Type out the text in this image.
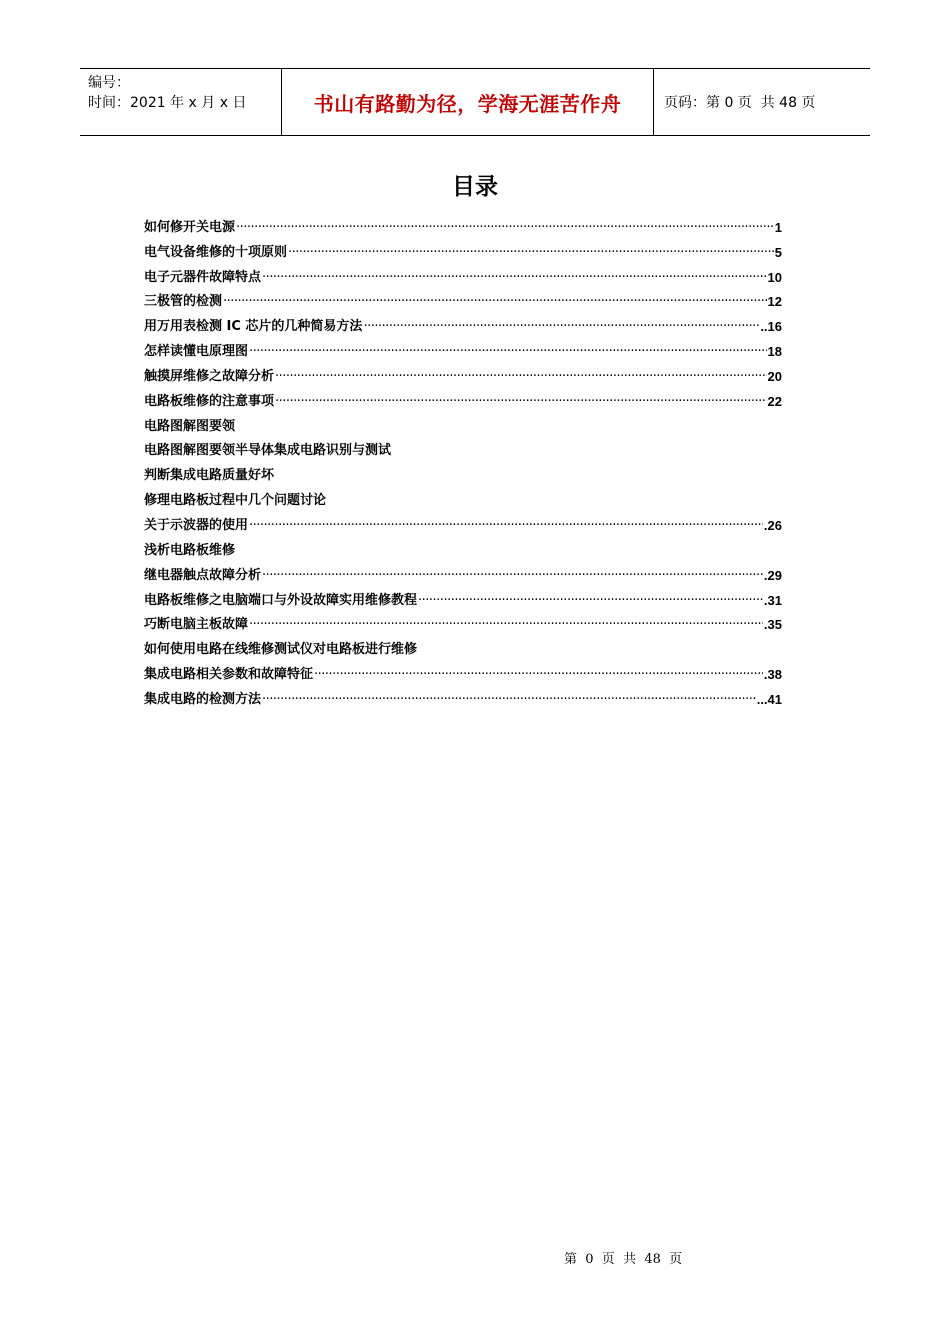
编号：
时间：2021 年 x 月 x 日	书山有路勤为径，学海无涯苦作舟	页码：第 0 页  共 48 页
目录
如何修开关电源 ·····	1
电气设备维修的十项原则 ·····	5
电子元器件故障特点 ·····	10
三极管的检测 ·····	12
用万用表检测 IC 芯片的几种简易方法 ·····	..16
怎样读懂电原理图 ·····	18
触摸屏维修之故障分析 ·····	20
电路板维修的注意事项 ·····	22
电路图解图要领
电路图解图要领半导体集成电路识别与测试
判断集成电路质量好坏
修理电路板过程中几个问题讨论
关于示波器的使用 ·····	.26
浅析电路板维修
继电器触点故障分析 ·····	.29
电路板维修之电脑端口与外设故障实用维修教程 ·····	.31
巧断电脑主板故障 ·····	.35
如何使用电路在线维修测试仪对电路板进行维修
集成电路相关参数和故障特征 ·····	.38
集成电路的检测方法 ·····	...41
第  0  页  共  48  页
